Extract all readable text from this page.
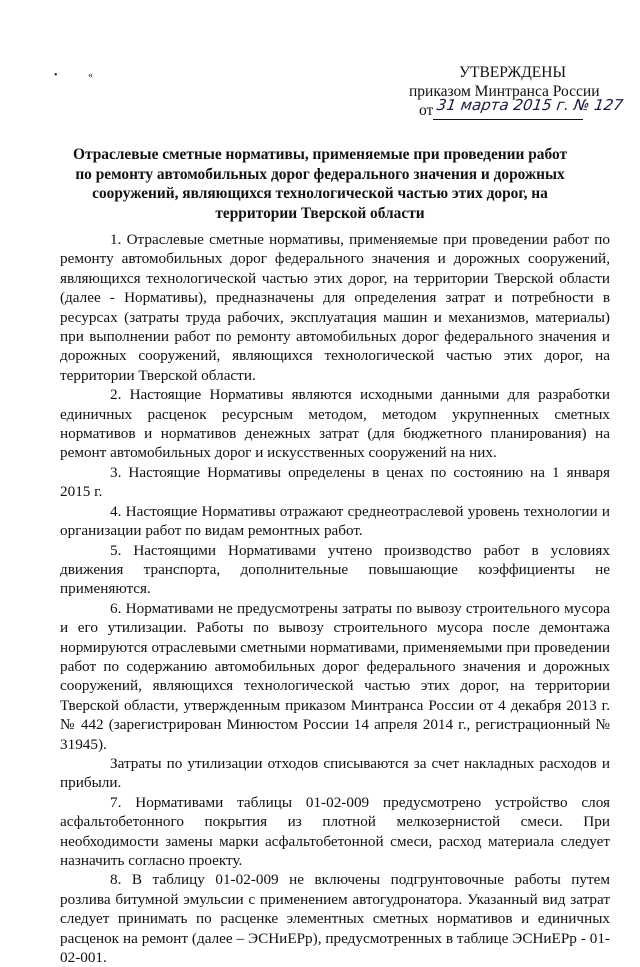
• «	УТВЕРЖДЕНЫ
приказом Минтранса России
от 31 марта 2015 г. № 127
Отраслевые сметные нормативы, применяемые при проведении работ по ремонту автомобильных дорог федерального значения и дорожных сооружений, являющихся технологической частью этих дорог, на территории Тверской области

1. Отраслевые сметные нормативы, применяемые при проведении работ по ремонту автомобильных дорог федерального значения и дорожных сооружений, являющихся технологической частью этих дорог, на территории Тверской области (далее - Нормативы), предназначены для определения затрат и потребности в ресурсах (затраты труда рабочих, эксплуатация машин и механизмов, материалы) при выполнении работ по ремонту автомобильных дорог федерального значения и дорожных сооружений, являющихся технологической частью этих дорог, на территории Тверской области.

2. Настоящие Нормативы являются исходными данными для разработки единичных расценок ресурсным методом, методом укрупненных сметных нормативов и нормативов денежных затрат (для бюджетного планирования) на ремонт автомобильных дорог и искусственных сооружений на них.

3. Настоящие Нормативы определены в ценах по состоянию на 1 января 2015 г.

4. Настоящие Нормативы отражают среднеотраслевой уровень технологии и организации работ по видам ремонтных работ.

5. Настоящими Нормативами учтено производство работ в условиях движения транспорта, дополнительные повышающие коэффициенты не применяются.

6. Нормативами не предусмотрены затраты по вывозу строительного мусора и его утилизации. Работы по вывозу строительного мусора после демонтажа нормируются отраслевыми сметными нормативами, применяемыми при проведении работ по содержанию автомобильных дорог федерального значения и дорожных сооружений, являющихся технологической частью этих дорог, на территории Тверской области, утвержденным приказом Минтранса России от 4 декабря 2013 г. № 442 (зарегистрирован Минюстом России 14 апреля 2014 г., регистрационный № 31945).

Затраты по утилизации отходов списываются за счет накладных расходов и прибыли.

7. Нормативами таблицы 01-02-009 предусмотрено устройство слоя асфальтобетонного покрытия из плотной мелкозернистой смеси. При необходимости замены марки асфальтобетонной смеси, расход материала следует назначить согласно проекту.

8. В таблицу 01-02-009 не включены подгрунтовочные работы путем розлива битумной эмульсии с применением автогудронатора. Указанный вид затрат следует принимать по расценке элементных сметных нормативов и единичных расценок на ремонт (далее – ЭСНиЕРр), предусмотренных в таблице ЭСНиЕРр - 01-02-001.
